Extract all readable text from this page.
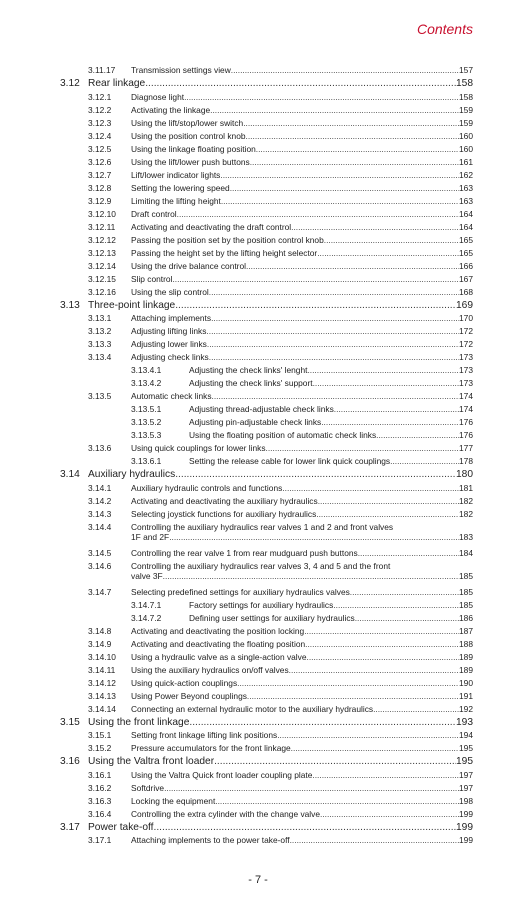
Contents
3.11.17 Transmission settings view .....	157
3.12 Rear linkage .....	158
3.12.1 Diagnose light .....	158
3.12.2 Activating the linkage .....	159
3.12.3 Using the lift/stop/lower switch .....	159
3.12.4 Using the position control knob .....	160
3.12.5 Using the linkage floating position .....	160
3.12.6 Using the lift/lower push buttons .....	161
3.12.7 Lift/lower indicator lights .....	162
3.12.8 Setting the lowering speed .....	163
3.12.9 Limiting the lifting height .....	163
3.12.10 Draft control .....	164
3.12.11 Activating and deactivating the draft control .....	164
3.12.12 Passing the position set by the position control knob .....	165
3.12.13 Passing the height set by the lifting height selector .....	165
3.12.14 Using the drive balance control .....	166
3.12.15 Slip control .....	167
3.12.16 Using the slip control .....	168
3.13 Three-point linkage .....	169
3.13.1 Attaching implements .....	170
3.13.2 Adjusting lifting links .....	172
3.13.3 Adjusting lower links .....	172
3.13.4 Adjusting check links .....	173
3.13.4.1	Adjusting the check links' lenght .....	173
3.13.4.2	Adjusting the check links' support .....	173
3.13.5 Automatic check links .....	174
3.13.5.1	Adjusting thread-adjustable check links .....	174
3.13.5.2	Adjusting pin-adjustable check links .....	176
3.13.5.3	Using the floating position of automatic check links .....	176
3.13.6 Using quick couplings for lower links .....	177
3.13.6.1	Setting the release cable for lower link quick couplings .....	178
3.14 Auxiliary hydraulics .....	180
3.14.1 Auxiliary hydraulic controls and functions .....	181
3.14.2 Activating and deactivating the auxiliary hydraulics .....	182
3.14.3 Selecting joystick functions for auxiliary hydraulics .....	182
3.14.4 Controlling the auxiliary hydraulics rear valves 1 and 2 and front valves
1F and 2F .....	183
3.14.5 Controlling the rear valve 1 from rear mudguard push buttons .....	184
3.14.6 Controlling the auxiliary hydraulics rear valves 3, 4 and 5 and the front
valve 3F .....	185
3.14.7 Selecting predefined settings for auxiliary hydraulics valves .....	185
3.14.7.1	Factory settings for auxiliary hydraulics .....	185
3.14.7.2	Defining user settings for auxiliary hydraulics .....	186
3.14.8 Activating and deactivating the position locking .....	187
3.14.9 Activating and deactivating the floating position .....	188
3.14.10 Using a hydraulic valve as a single-action valve .....	189
3.14.11 Using the auxiliary hydraulics on/off valves .....	189
3.14.12 Using quick-action couplings .....	190
3.14.13 Using Power Beyond couplings .....	191
3.14.14 Connecting an external hydraulic motor to the auxiliary hydraulics .....	192
3.15 Using the front linkage .....	193
3.15.1 Setting front linkage lifting link positions .....	194
3.15.2 Pressure accumulators for the front linkage .....	195
3.16 Using the Valtra front loader .....	195
3.16.1 Using the Valtra Quick front loader coupling plate .....	197
3.16.2 Softdrive .....	197
3.16.3 Locking the equipment .....	198
3.16.4 Controlling the extra cylinder with the change valve .....	199
3.17 Power take-off .....	199
3.17.1 Attaching implements to the power take-off .....	199
- 7 -
